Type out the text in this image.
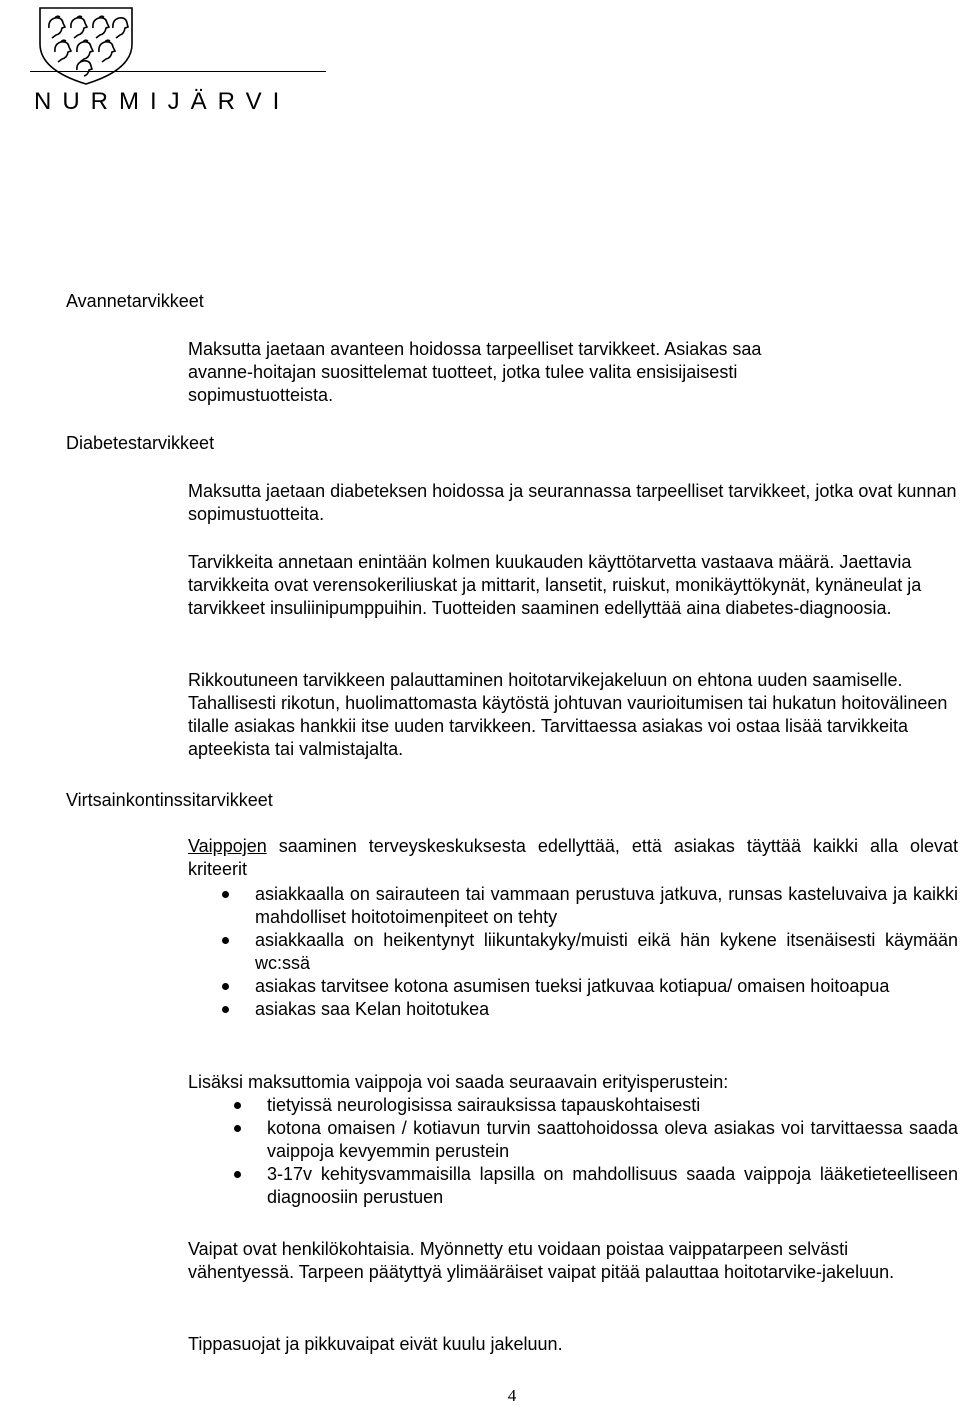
NURMIJÄRVI
Avannetarvikkeet
Diabetestarvikkeet
Virtsainkontinssitarvikkeet

Maksutta jaetaan avanteen hoidossa tarpeelliset tarvikkeet. Asiakas saa avanne-hoitajan suosittelemat tuotteet, jotka tulee valita ensisijaisesti sopimustuotteista.

Maksutta jaetaan diabeteksen hoidossa ja seurannassa tarpeelliset tarvikkeet, jotka ovat kunnan sopimustuotteita.

Tarvikkeita annetaan enintään kolmen kuukauden käyttötarvetta vastaava määrä. Jaettavia tarvikkeita ovat verensokeriliuskat ja mittarit, lansetit, ruiskut, monikäyttökynät, kynäneulat ja tarvikkeet insuliinipumppuihin. Tuotteiden saaminen edellyttää aina diabetes-diagnoosia.

Rikkoutuneen tarvikkeen palauttaminen hoitotarvikejakeluun on ehtona uuden saamiselle. Tahallisesti rikotun, huolimattomasta käytöstä johtuvan vaurioitumisen tai hukatun hoitovälineen tilalle asiakas hankkii itse uuden tarvikkeen. Tarvittaessa asiakas voi ostaa lisää tarvikkeita apteekista tai valmistajalta.

Vaippojen saaminen terveyskeskuksesta edellyttää, että asiakas täyttää kaikki alla olevat kriteerit

asiakkaalla on sairauteen tai vammaan perustuva jatkuva, runsas kasteluvaiva ja kaikki mahdolliset hoitotoimenpiteet on tehty
asiakkaalla on heikentynyt liikuntakyky/muisti eikä hän kykene itsenäisesti käymään wc:ssä
asiakas tarvitsee kotona asumisen tueksi jatkuvaa kotiapua/ omaisen hoitoapua
asiakas saa Kelan hoitotukea

Lisäksi maksuttomia vaippoja voi saada seuraavain erityisperustein:

tietyissä neurologisissa sairauksissa tapauskohtaisesti
kotona omaisen / kotiavun turvin saattohoidossa oleva asiakas voi tarvittaessa saada vaippoja kevyemmin perustein
3-17v kehitysvammaisilla lapsilla on mahdollisuus saada vaippoja lääketieteelliseen diagnoosiin perustuen

Vaipat ovat henkilökohtaisia. Myönnetty etu voidaan poistaa vaippatarpeen selvästi vähentyessä. Tarpeen päätyttyä ylimääräiset vaipat pitää palauttaa hoitotarvike-jakeluun.

Tippasuojat ja pikkuvaipat eivät kuulu jakeluun.

4
